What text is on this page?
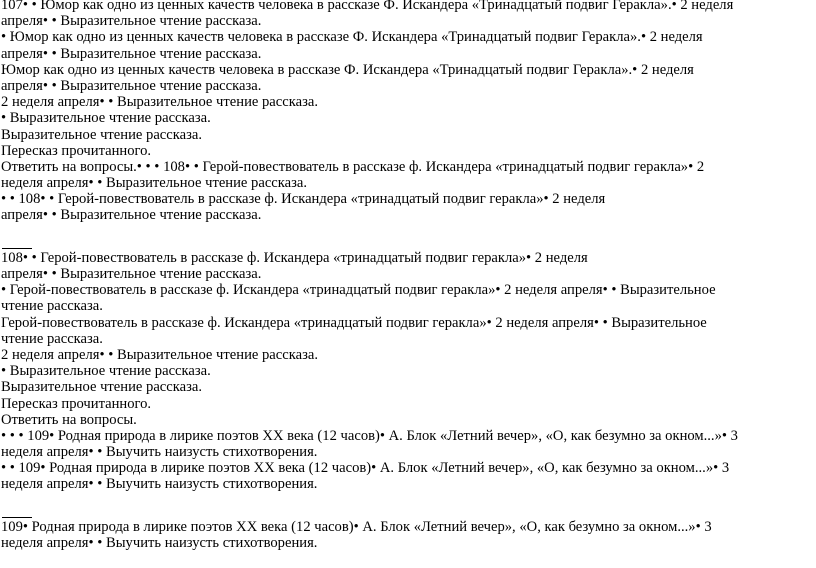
107• • Юмор как одно из ценных качеств человека в рассказе Ф. Искандера «Тринадцатый подвиг Геракла».• 2 неделя
апреля• • Выразительное чтение рассказа.
• Юмор как одно из ценных качеств человека в рассказе Ф. Искандера «Тринадцатый подвиг Геракла».• 2 неделя
апреля• • Выразительное чтение рассказа.
Юмор как одно из ценных качеств человека в рассказе Ф. Искандера «Тринадцатый подвиг Геракла».• 2 неделя
апреля• • Выразительное чтение рассказа.
2 неделя апреля• • Выразительное чтение рассказа.
• Выразительное чтение рассказа.
Выразительное чтение рассказа.
Пересказ прочитанного.
Ответить на вопросы.• • • 108• • Герой-повествователь в рассказе ф. Искандера «тринадцатый подвиг геракла»• 2
неделя апреля• • Выразительное чтение рассказа.
• • 108• • Герой-повествователь в рассказе ф. Искандера «тринадцатый подвиг геракла»• 2 неделя
апреля• • Выразительное чтение рассказа.
108• • Герой-повествователь в рассказе ф. Искандера «тринадцатый подвиг геракла»• 2 неделя
апреля• • Выразительное чтение рассказа.
• Герой-повествователь в рассказе ф. Искандера «тринадцатый подвиг геракла»• 2 неделя апреля• • Выразительное
чтение рассказа.
Герой-повествователь в рассказе ф. Искандера «тринадцатый подвиг геракла»• 2 неделя апреля• • Выразительное
чтение рассказа.
2 неделя апреля• • Выразительное чтение рассказа.
• Выразительное чтение рассказа.
Выразительное чтение рассказа.
Пересказ прочитанного.
Ответить на вопросы.
• • • 109• Родная природа в лирике поэтов XX века (12 часов)• А. Блок «Летний вечер», «О, как безумно за окном...»• 3
неделя апреля• • Выучить наизусть стихотворения.
• • 109• Родная природа в лирике поэтов XX века (12 часов)• А. Блок «Летний вечер», «О, как безумно за окном...»• 3
неделя апреля• • Выучить наизусть стихотворения.
109• Родная природа в лирике поэтов XX века (12 часов)• А. Блок «Летний вечер», «О, как безумно за окном...»• 3
неделя апреля• • Выучить наизусть стихотворения.
